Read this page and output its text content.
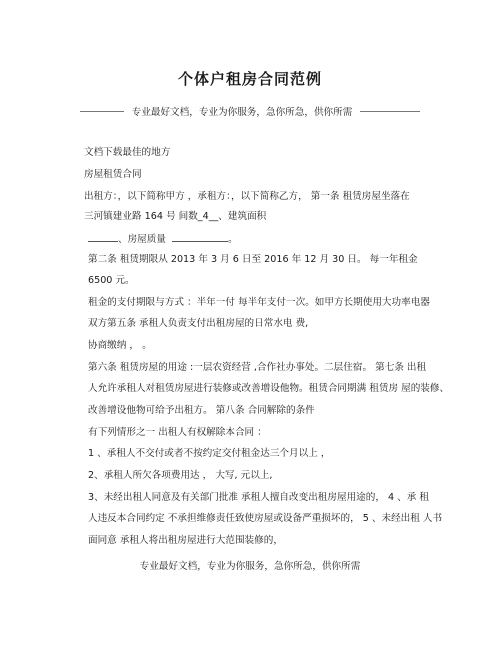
个体户租房合同范例
专业最好文档，专业为你服务，急你所急，供你所需
文档下载最佳的地方
房屋租赁合同
出租方：，以下简称甲方 ，承租方：，以下简称乙方， 第一条 租赁房屋坐落在
三河镇建业路 164 号 间数_4__、建筑面积
、房屋质量	。
第二条 租赁期限从 2013 年 3 月 6 日至 2016 年 12 月 30 日。 每一年租金
6500 元。
租金的支付期限与方式 ：半年一付 每半年支付一次。如甲方长期使用大功率电器
双方第五条 承租人负责支付出租房屋的日常水电 费,
协商缴纳 ， 。
第六条 租赁房屋的用途 :一层农资经营 ,合作社办事处。二层住宿。 第七条 出租
人允许承租人对租赁房屋进行装修或改善增设他物。租赁合同期满 租赁房 屋的装修、
改善增设他物可给予出租方。 第八条 合同解除的条件
有下列情形之一 出租人有权解除本合同 ：
1 、承租人不交付或者不按约定交付租金达三个月以上 ，
2、承租人所欠各项费用达 ， 大写, 元以上,
3、未经出租人同意及有关部门批准 承租人擅自改变出租房屋用途的， 4 、承 租
人违反本合同约定 不承担维修责任致使房屋或设备严重损坏的， 5 、未经出租 人书
面同意 承租人将出租房屋进行大范围装修的，
专业最好文档，专业为你服务，急你所急，供你所需
